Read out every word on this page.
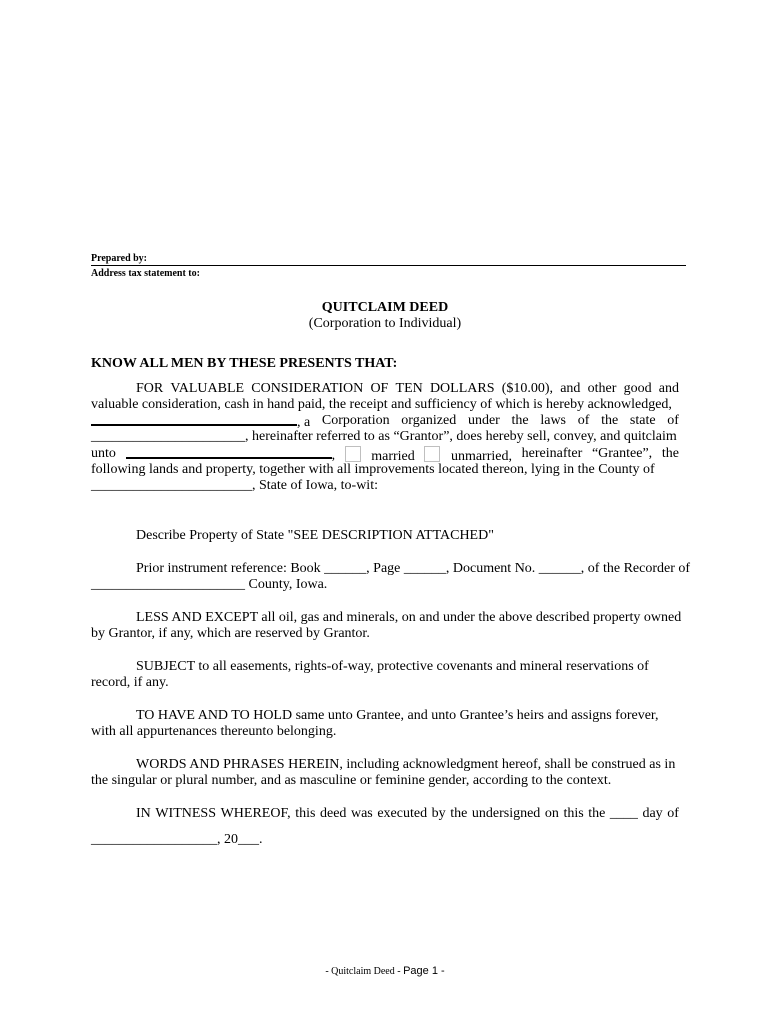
Prepared by:
Address tax statement to:
QUITCLAIM DEED
(Corporation to Individual)
KNOW ALL MEN BY THESE PRESENTS THAT:
FOR VALUABLE CONSIDERATION OF TEN DOLLARS ($10.00), and other good and
valuable consideration, cash in hand paid, the receipt and sufficiency of which is hereby acknowledged,
, a Corporation organized under the laws of the state of
______________________, hereinafter referred to as “Grantor”, does hereby sell, convey, and quitclaim
unto	,	married	unmarried, hereinafter “Grantee”, the
following lands and property, together with all improvements located thereon, lying in the County of
_______________________, State of Iowa, to-wit:
Describe Property of State "SEE DESCRIPTION ATTACHED"
Prior instrument reference: Book ______, Page ______, Document No. ______, of the Recorder of
______________________ County, Iowa.
LESS AND EXCEPT all oil, gas and minerals, on and under the above described property owned
by Grantor, if any, which are reserved by Grantor.
SUBJECT to all easements, rights-of-way, protective covenants and mineral reservations of
record, if any.
TO HAVE AND TO HOLD same unto Grantee, and unto Grantee’s heirs and assigns forever,
with all appurtenances thereunto belonging.
WORDS AND PHRASES HEREIN, including acknowledgment hereof, shall be construed as in
the singular or plural number, and as masculine or feminine gender, according to the context.
IN WITNESS WHEREOF, this deed was executed by the undersigned on this the ____ day of
__________________, 20___.
- Quitclaim Deed - Page 1 -
